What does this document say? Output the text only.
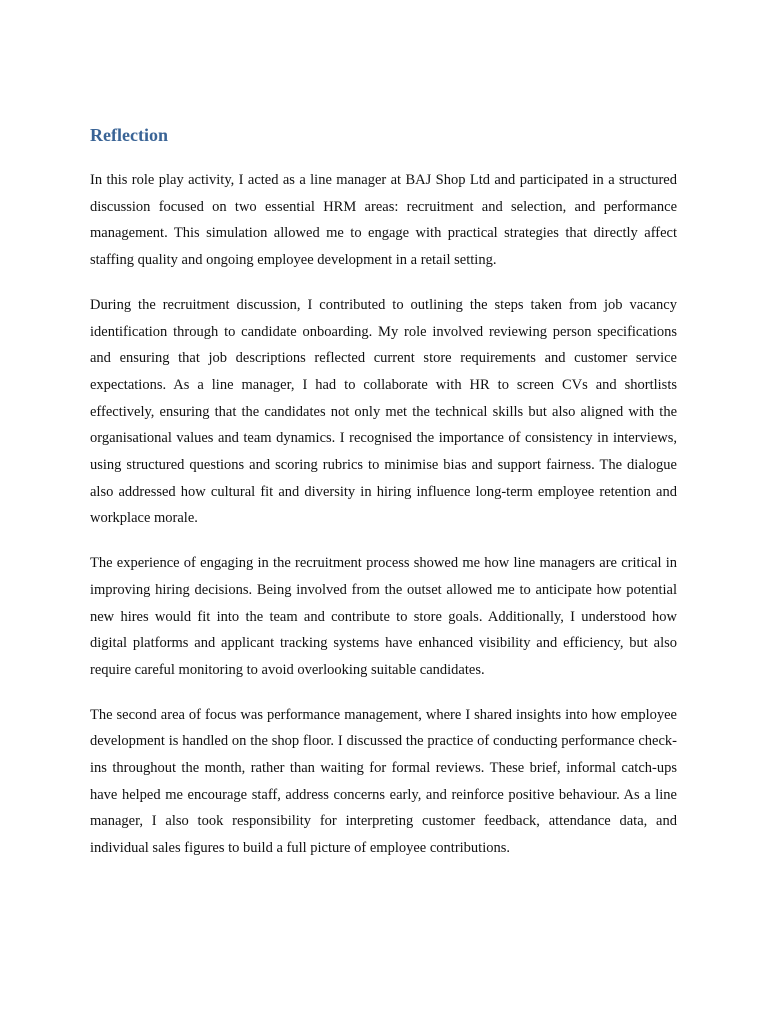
Reflection

In this role play activity, I acted as a line manager at BAJ Shop Ltd and participated in a structured discussion focused on two essential HRM areas: recruitment and selection, and performance management. This simulation allowed me to engage with practical strategies that directly affect staffing quality and ongoing employee development in a retail setting.

During the recruitment discussion, I contributed to outlining the steps taken from job vacancy identification through to candidate onboarding. My role involved reviewing person specifications and ensuring that job descriptions reflected current store requirements and customer service expectations. As a line manager, I had to collaborate with HR to screen CVs and shortlists effectively, ensuring that the candidates not only met the technical skills but also aligned with the organisational values and team dynamics. I recognised the importance of consistency in interviews, using structured questions and scoring rubrics to minimise bias and support fairness. The dialogue also addressed how cultural fit and diversity in hiring influence long-term employee retention and workplace morale.

The experience of engaging in the recruitment process showed me how line managers are critical in improving hiring decisions. Being involved from the outset allowed me to anticipate how potential new hires would fit into the team and contribute to store goals. Additionally, I understood how digital platforms and applicant tracking systems have enhanced visibility and efficiency, but also require careful monitoring to avoid overlooking suitable candidates.

The second area of focus was performance management, where I shared insights into how employee development is handled on the shop floor. I discussed the practice of conducting performance check-ins throughout the month, rather than waiting for formal reviews. These brief, informal catch-ups have helped me encourage staff, address concerns early, and reinforce positive behaviour. As a line manager, I also took responsibility for interpreting customer feedback, attendance data, and individual sales figures to build a full picture of employee contributions.
